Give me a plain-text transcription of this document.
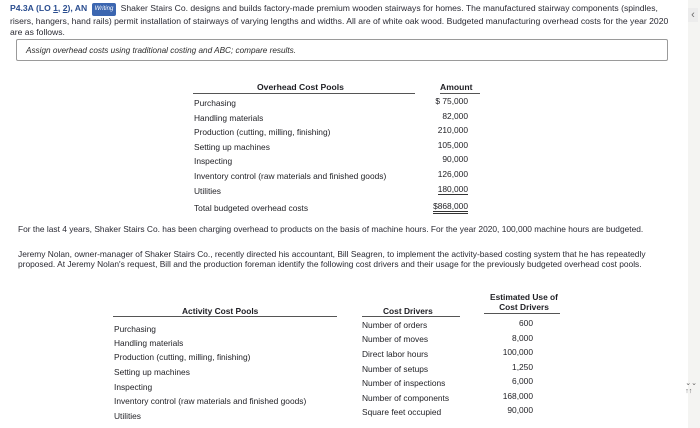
P4.3A (LO 1, 2), AN Writing Shaker Stairs Co. designs and builds factory-made premium wooden stairways for homes. The manufactured stairway components (spindles, risers, hangers, hand rails) permit installation of stairways of varying lengths and widths. All are of white oak wood. Budgeted manufacturing overhead costs for the year 2020 are as follows.
Assign overhead costs using traditional costing and ABC; compare results.
Overhead Cost Pools	Amount
Purchasing	$ 75,000
Handling materials	82,000
Production (cutting, milling, finishing)	210,000
Setting up machines	105,000
Inspecting	90,000
Inventory control (raw materials and finished goods)	126,000
Utilities	180,000
Total budgeted overhead costs	$868,000
For the last 4 years, Shaker Stairs Co. has been charging overhead to products on the basis of machine hours. For the year 2020, 100,000 machine hours are budgeted.
Jeremy Nolan, owner-manager of Shaker Stairs Co., recently directed his accountant, Bill Seagren, to implement the activity-based costing system that he has repeatedly proposed. At Jeremy Nolan's request, Bill and the production foreman identify the following cost drivers and their usage for the previously budgeted overhead cost pools.
Activity Cost Pools	Cost Drivers
Estimated Use of
Cost Drivers
Purchasing	Number of orders	600
Handling materials	Number of moves	8,000
Production (cutting, milling, finishing)	Direct labor hours	100,000
Setting up machines	Number of setups	1,250
Inspecting	Number of inspections	6,000
Inventory control (raw materials and finished goods)	Number of components	168,000
Utilities	Square feet occupied	90,000
‹
⌄⌄
↑↑
